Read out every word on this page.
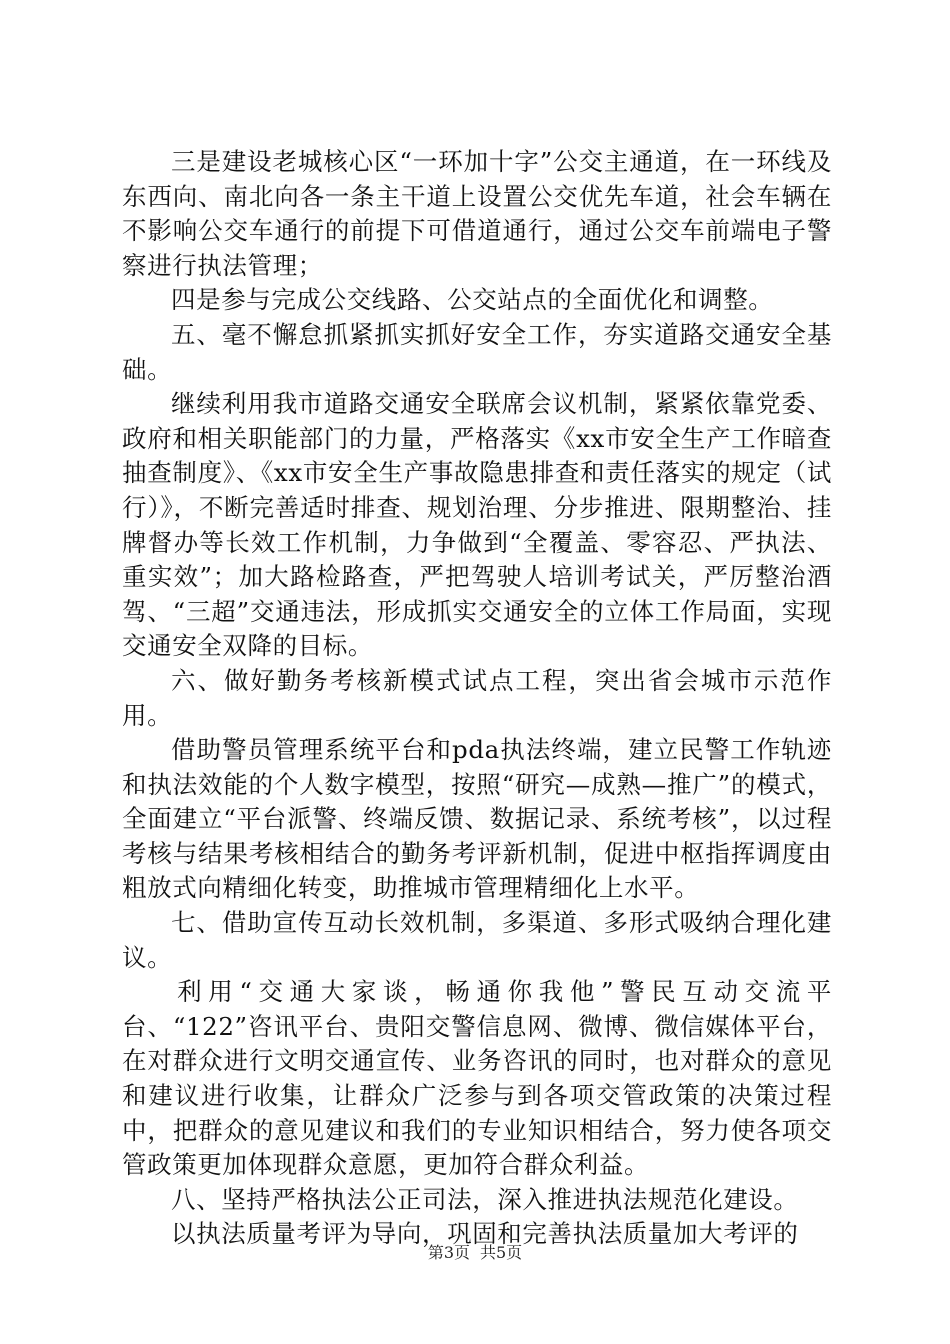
三是建设老城核心区“一环加十字”公交主通道，在一环线及东西向、南北向各一条主干道上设置公交优先车道，社会车辆在不影响公交车通行的前提下可借道通行，通过公交车前端电子警察进行执法管理；

四是参与完成公交线路、公交站点的全面优化和调整。

五、毫不懈怠抓紧抓实抓好安全工作，夯实道路交通安全基础。

继续利用我市道路交通安全联席会议机制，紧紧依靠党委、政府和相关职能部门的力量，严格落实《xx市安全生产工作暗查抽查制度》、《xx市安全生产事故隐患排查和责任落实的规定（试行）》，不断完善适时排查、规划治理、分步推进、限期整治、挂牌督办等长效工作机制，力争做到“全覆盖、零容忍、严执法、重实效”；加大路检路查，严把驾驶人培训考试关，严厉整治酒驾、“三超”交通违法，形成抓实交通安全的立体工作局面，实现交通安全双降的目标。

六、做好勤务考核新模式试点工程，突出省会城市示范作用。

借助警员管理系统平台和pda执法终端，建立民警工作轨迹和执法效能的个人数字模型，按照“研究—成熟—推广”的模式，全面建立“平台派警、终端反馈、数据记录、系统考核”，以过程考核与结果考核相结合的勤务考评新机制，促进中枢指挥调度由粗放式向精细化转变，助推城市管理精细化上水平。

七、借助宣传互动长效机制，多渠道、多形式吸纳合理化建议。

利用“交通大家谈，畅通你我他”警民互动交流平台、“122”咨讯平台、贵阳交警信息网、微博、微信媒体平台，在对群众进行文明交通宣传、业务咨讯的同时，也对群众的意见和建议进行收集，让群众广泛参与到各项交管政策的决策过程中，把群众的意见建议和我们的专业知识相结合，努力使各项交管政策更加体现群众意愿，更加符合群众利益。

八、坚持严格执法公正司法，深入推进执法规范化建设。

以执法质量考评为导向，巩固和完善执法质量加大考评的

第3页 共5页
